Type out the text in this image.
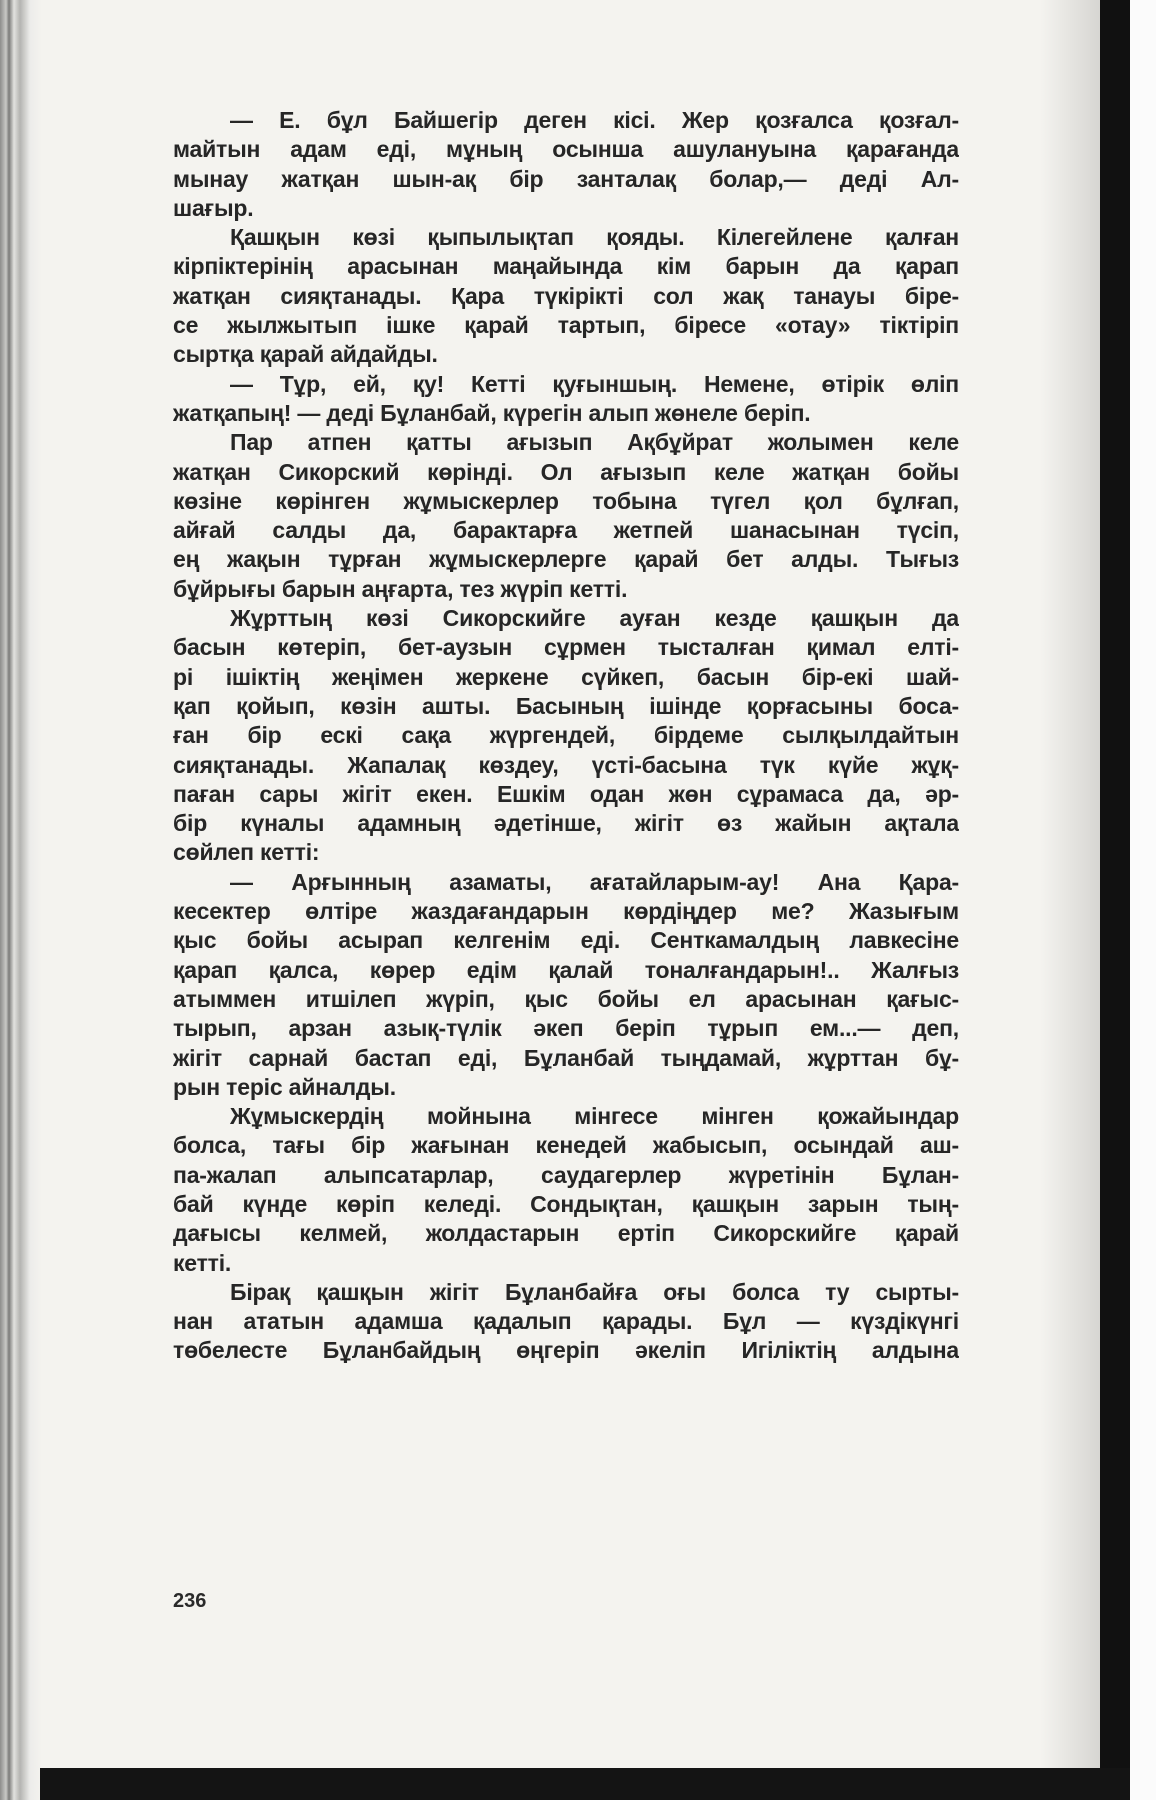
— Е. бұл Байшегір деген кісі. Жер қозғалса қозғал-
майтын адам еді, мұның осынша ашулануына қарағанда
мынау жатқан шын-ақ бір занталақ болар,— деді Ал-
шағыр.
Қашқын көзі қыпылықтап қояды. Кілегейлене қалған
кірпіктерінің арасынан маңайында кім барын да қарап
жатқан сияқтанады. Қара түкірікті сол жақ танауы біре-
се жылжытып ішке қарай тартып, біресе «отау» тіктіріп
сыртқа қарай айдайды.
— Тұр, ей, қу! Кетті қуғыншың. Немене, өтірік өліп
жатқапың! — деді Бұланбай, күрегін алып жөнеле беріп.
Пар атпен қатты ағызып Ақбұйрат жолымен келе
жатқан Сикорский көрінді. Ол ағызып келе жатқан бойы
көзіне көрінген жұмыскерлер тобына түгел қол бұлғап,
айғай салды да, барактарға жетпей шанасынан түсіп,
ең жақын тұрған жұмыскерлерге қарай бет алды. Тығыз
бұйрығы барын аңғарта, тез жүріп кетті.
Жұрттың көзі Сикорскийге ауған кезде қашқын да
басын көтеріп, бет-аузын сұрмен тысталған қимал елті-
рі ішіктің жеңімен жеркене сүйкеп, басын бір-екі шай-
қап қойып, көзін ашты. Басының ішінде қорғасыны боса-
ған бір ескі сақа жүргендей, бірдеме сылқылдайтын
сияқтанады. Жапалақ көздеу, үсті-басына түк күйе жұқ-
паған сары жігіт екен. Ешкім одан жөн сұрамаса да, әр-
бір күналы адамның әдетінше, жігіт өз жайын ақтала
сөйлеп кетті:
— Арғынның азаматы, ағатайларым-ау! Ана Қара-
кесектер өлтіре жаздағандарын көрдіңдер ме? Жазығым
қыс бойы асырап келгенім еді. Сенткамалдың лавкесіне
қарап қалса, көрер едім қалай тоналғандарын!.. Жалғыз
атыммен итшілеп жүріп, қыс бойы ел арасынан қағыс-
тырып, арзан азық-түлік әкеп беріп тұрып ем...— деп,
жігіт сарнай бастап еді, Бұланбай тыңдамай, жұрттан бұ-
рын теріс айналды.
Жұмыскердің мойнына мінгесе мінген қожайындар
болса, тағы бір жағынан кенедей жабысып, осындай аш-
па-жалап алыпсатарлар, саудагерлер жүретінін Бұлан-
бай күнде көріп келеді. Сондықтан, қашқын зарын тың-
дағысы келмей, жолдастарын ертіп Сикорскийге қарай
кетті.
Бірақ қашқын жігіт Бұланбайға оғы болса ту сырты-
нан ататын адамша қадалып қарады. Бұл — күздікүнгі
төбелесте Бұланбайдың өңгеріп әкеліп Игіліктің алдына
236
